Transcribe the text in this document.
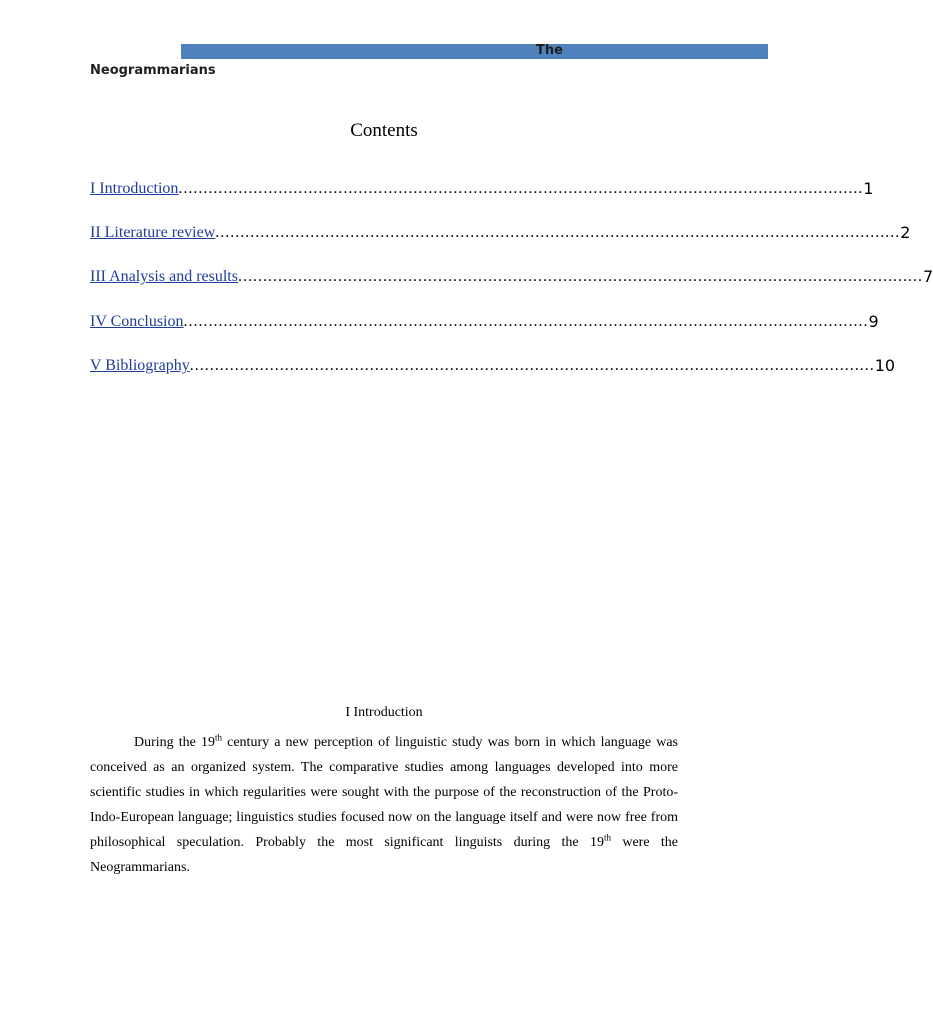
The
Neogrammarians
Contents
I Introduction ......................................................................................................................................... 1
II Literature review ......................................................................................................................................... 2
III Analysis and results ......................................................................................................................................... 7
IV Conclusion ......................................................................................................................................... 9
V Bibliography ......................................................................................................................................... 10
I Introduction

During the 19th century a new perception of linguistic study was born in which language was conceived as an organized system. The comparative studies among languages developed into more scientific studies in which regularities were sought with the purpose of the reconstruction of the Proto-Indo-European language; linguistics studies focused now on the language itself and were now free from philosophical speculation. Probably the most significant linguists during the 19th were the Neogrammarians.
